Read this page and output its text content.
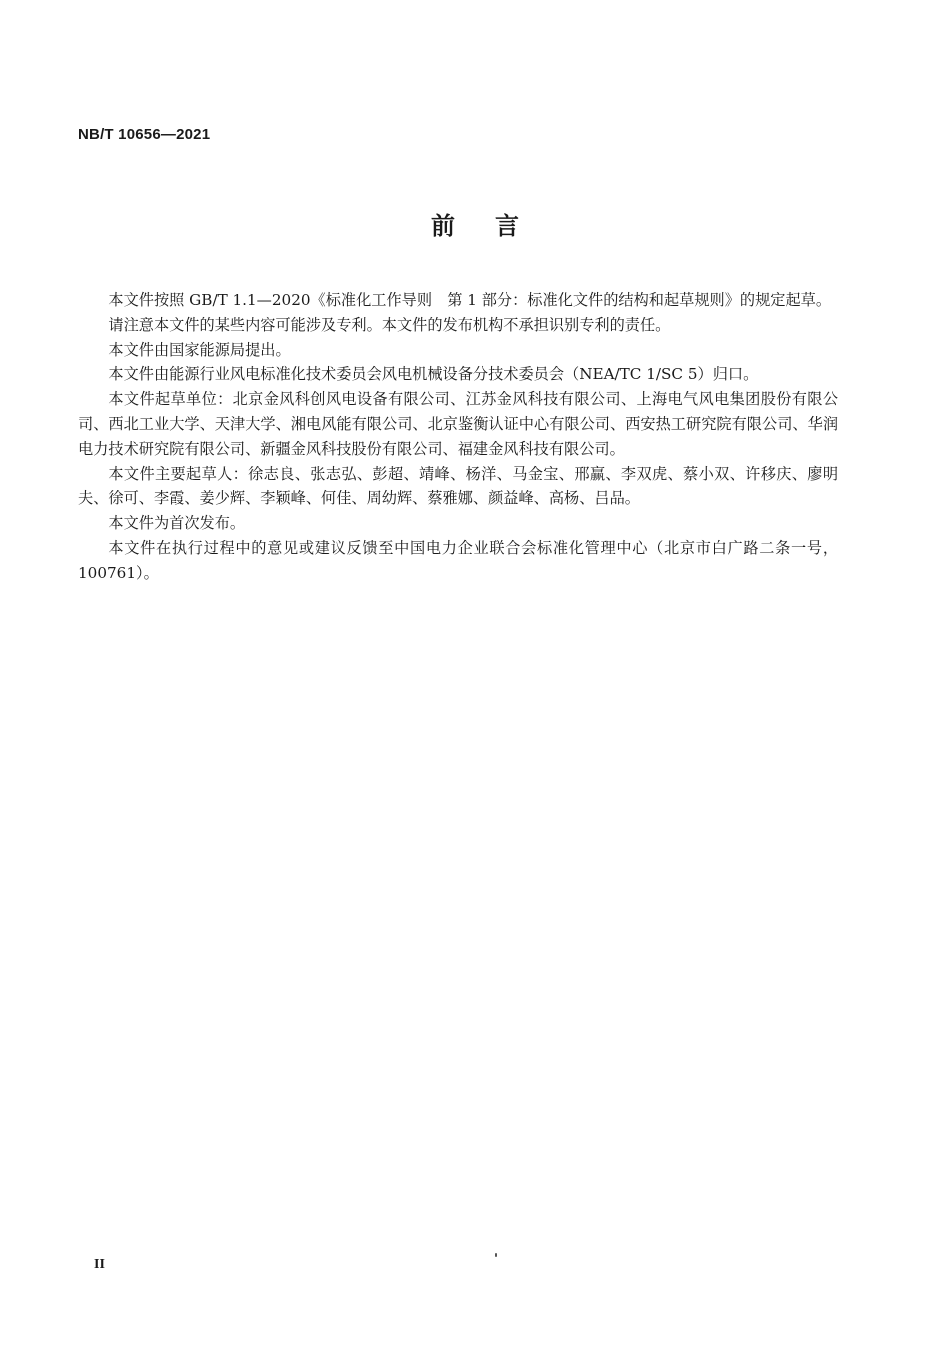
NB/T 10656—2021
前言

本文件按照 GB/T 1.1—2020《标准化工作导则　第 1 部分：标准化文件的结构和起草规则》的规定起草。

请注意本文件的某些内容可能涉及专利。本文件的发布机构不承担识别专利的责任。

本文件由国家能源局提出。

本文件由能源行业风电标准化技术委员会风电机械设备分技术委员会（NEA/TC 1/SC 5）归口。

本文件起草单位：北京金风科创风电设备有限公司、江苏金风科技有限公司、上海电气风电集团股份有限公司、西北工业大学、天津大学、湘电风能有限公司、北京鉴衡认证中心有限公司、西安热工研究院有限公司、华润电力技术研究院有限公司、新疆金风科技股份有限公司、福建金风科技有限公司。

本文件主要起草人：徐志良、张志弘、彭超、靖峰、杨洋、马金宝、邢赢、李双虎、蔡小双、许移庆、廖明夫、徐可、李霞、姜少辉、李颖峰、何佳、周幼辉、蔡雅娜、颜益峰、高杨、吕品。

本文件为首次发布。

本文件在执行过程中的意见或建议反馈至中国电力企业联合会标准化管理中心（北京市白广路二条一号，100761）。

II
